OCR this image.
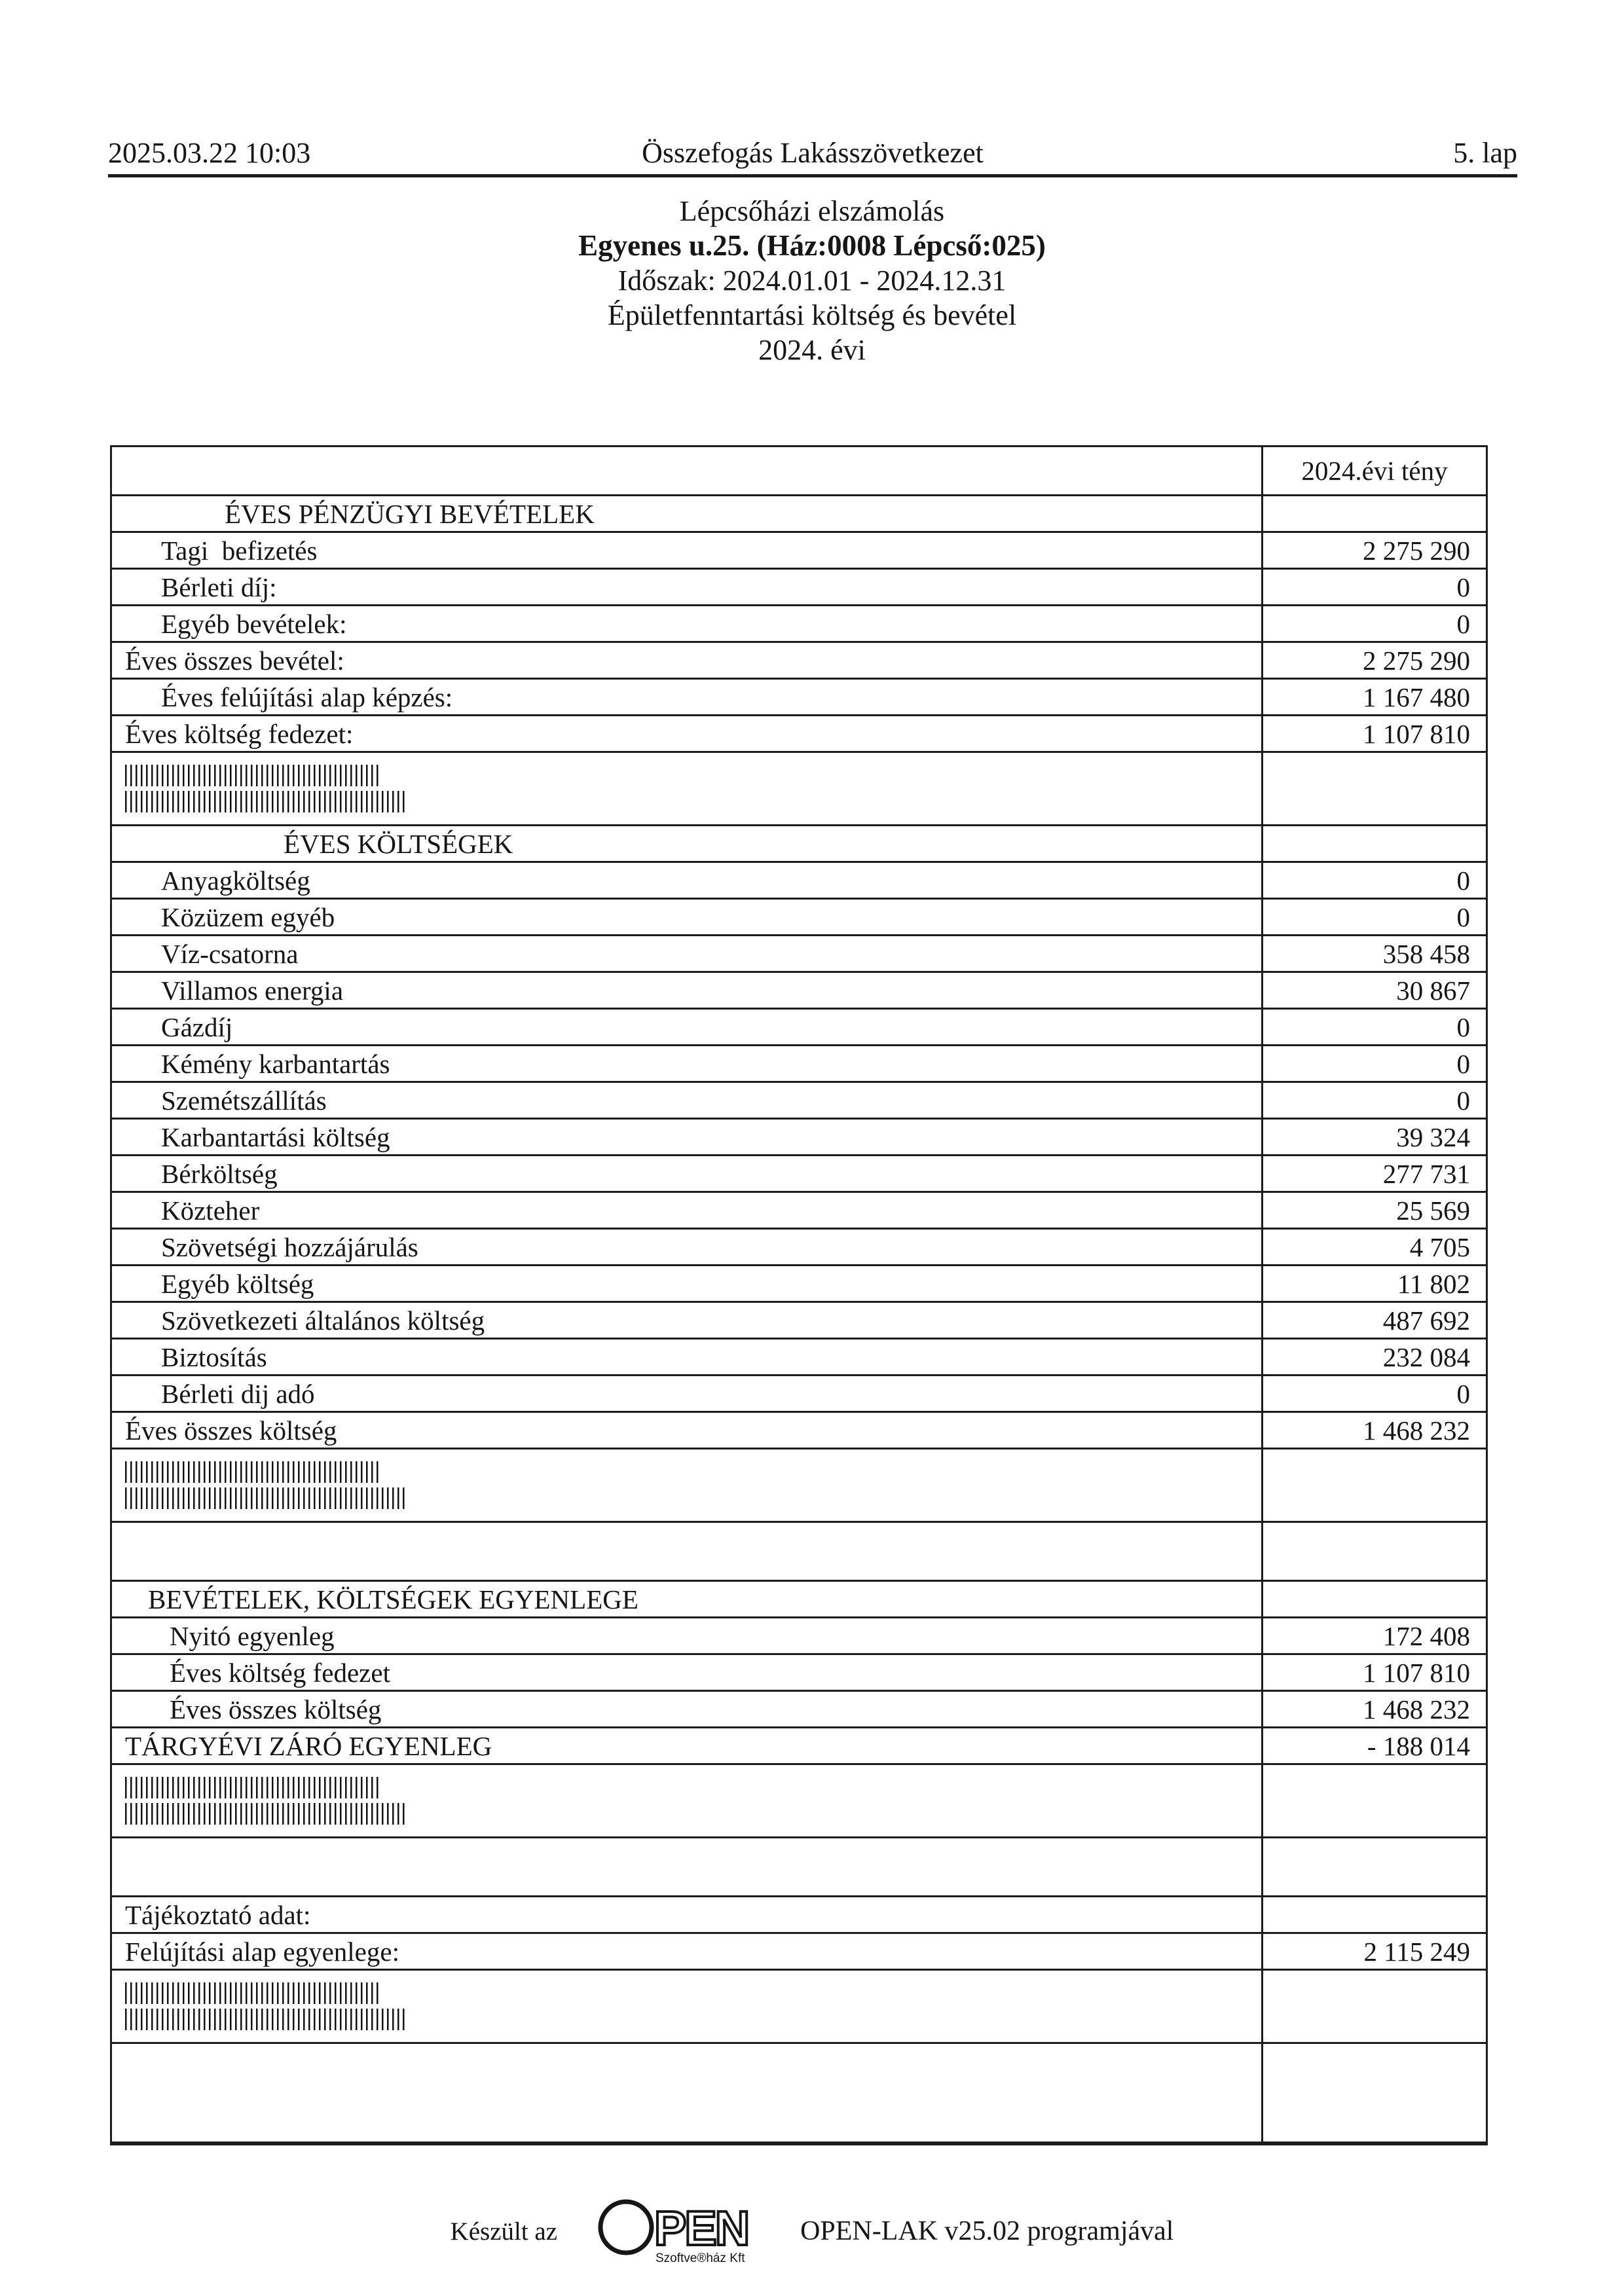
2025.03.22 10:03	Összefogás Lakásszövetkezet	5. lap
Lépcsőházi elszámolás
Egyenes u.25. (Ház:0008 Lépcső:025)
Időszak: 2024.01.01 - 2024.12.31
Épületfenntartási költség és bevétel
2024. évi
2024.évi tény
ÉVES PÉNZÜGYI BEVÉTELEK
Tagi  befizetés	2 275 290
Bérleti díj:	0
Egyéb bevételek:	0
Éves összes bevétel:	2 275 290
Éves felújítási alap képzés:	1 167 480
Éves költség fedezet:	1 107 810
ÉVES KÖLTSÉGEK
Anyagköltség	0
Közüzem egyéb	0
Víz-csatorna	358 458
Villamos energia	30 867
Gázdíj	0
Kémény karbantartás	0
Szemétszállítás	0
Karbantartási költség	39 324
Bérköltség	277 731
Közteher	25 569
Szövetségi hozzájárulás	4 705
Egyéb költség	11 802
Szövetkezeti általános költség	487 692
Biztosítás	232 084
Bérleti dij adó	0
Éves összes költség	1 468 232
BEVÉTELEK, KÖLTSÉGEK EGYENLEGE
Nyitó egyenleg	172 408
Éves költség fedezet	1 107 810
Éves összes költség	1 468 232
TÁRGYÉVI ZÁRÓ EGYENLEG	- 188 014
Tájékoztató adat:
Felújítási alap egyenlege:	2 115 249
Készült az PEN
Szoftve®ház Kft
OPEN-LAK v25.02 programjával
